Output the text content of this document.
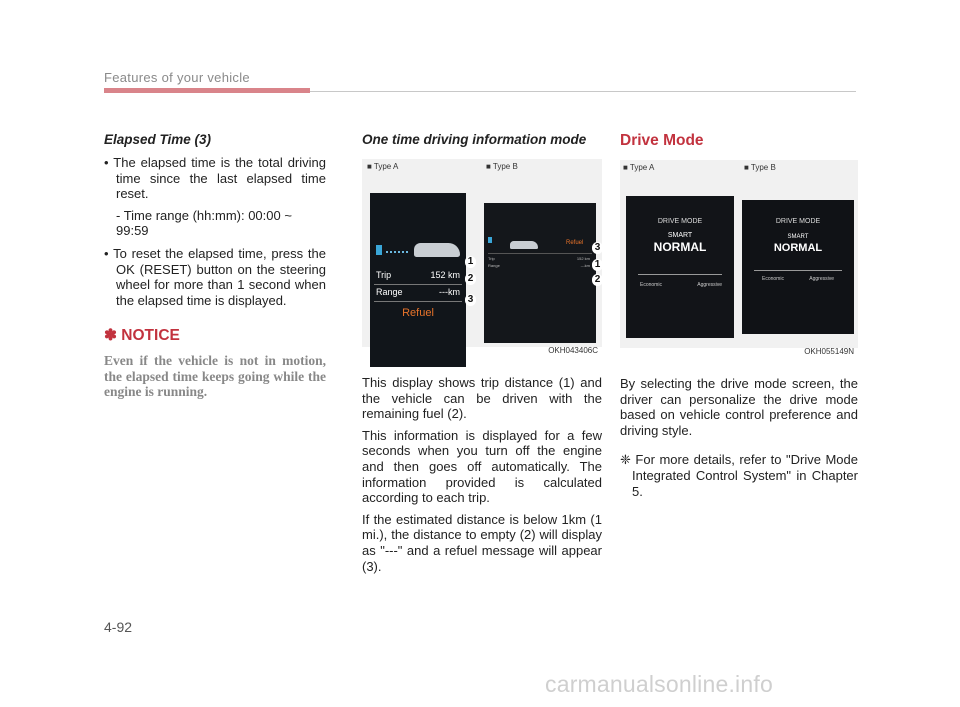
Features of your vehicle
Elapsed Time (3)

• The elapsed time is the total driving time since the last elapsed time reset.

- Time range (hh:mm): 00:00 ~ 99:59

• To reset the elapsed time, press the OK (RESET) button on the steering wheel for more than 1 second when the elapsed time is displayed.

✽ NOTICE

Even if the vehicle is not in motion, the elapsed time keeps going while the engine is running.

One time driving information mode
■ Type A	■ Type B
Trip	152 km
Range	---km
Refuel
1
2
3
Refuel
Trip	152 km
Range	---km
3
1
2
OKH043406C

This display shows trip distance (1) and the vehicle can be driven with the remaining fuel (2).

This information is displayed for a few seconds when you turn off the engine and then goes off automatically. The information provided is calculated according to each trip.

If the estimated distance is below 1km (1 mi.), the distance to empty (2) will display as "---" and a refuel message will appear (3).

Drive Mode
■ Type A	■ Type B
DRIVE MODE
SMART
NORMAL
Economic	Aggressive
DRIVE MODE
SMART
NORMAL
Economic	Aggressive
OKH055149N

By selecting the drive mode screen, the driver can personalize the drive mode based on vehicle control preference and driving style.

❈ For more details, refer to "Drive Mode Integrated Control System" in Chapter 5.

4-92
carmanualsonline.info
